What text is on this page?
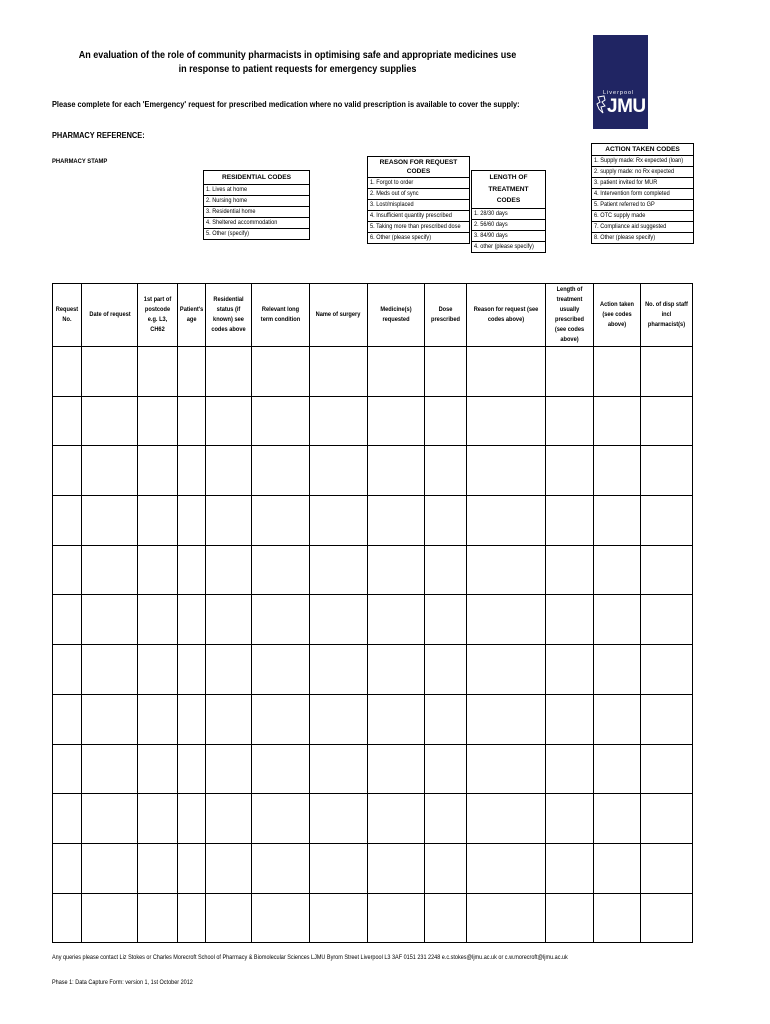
An evaluation of the role of community pharmacists in optimising safe and appropriate medicines use in response to patient requests for emergency supplies
Please complete for each 'Emergency' request for prescribed medication where no valid prescription is available to cover the supply:
PHARMACY REFERENCE:
PHARMACY STAMP
Liverpool
JMU
RESIDENTIAL CODES
1. Lives at home
2. Nursing home
3. Residential home
4. Sheltered accommodation
5. Other (specify)
REASON FOR REQUEST CODES
1. Forgot to order
2. Meds out of sync
3. Lost/misplaced
4. Insufficient quantity prescribed
5. Taking more than prescribed dose
6. Other (please specify)
LENGTH OF TREATMENT CODES
1. 28/30 days
2. 56/60 days
3. 84/90 days
4. other (please specify)
ACTION TAKEN CODES
1. Supply made: Rx expected (loan)
2. supply made: no Rx expected
3. patient invited for MUR
4. Intervention form completed
5. Patient referred to GP
6. OTC supply made
7. Compliance aid suggested
8. Other (please specify)
Request No.	Date of request	1st part of postcode e.g. L3, CH62	Patient's age	Residential status (if known) see codes above	Relevant long term condition	Name of surgery	Medicine(s) requested	Dose prescribed	Reason for request (see codes above)	Length of treatment usually prescribed (see codes above)	Action taken (see codes above)	No. of disp staff incl pharmacist(s)

Any queries please contact Liz Stokes or Charles Morecroft School of Pharmacy & Biomolecular Sciences LJMU Byrom Street Liverpool L3 3AF 0151 231 2248 e.c.stokes@ljmu.ac.uk or c.w.morecroft@ljmu.ac.uk
Phase 1: Data Capture Form: version 1, 1st October 2012
